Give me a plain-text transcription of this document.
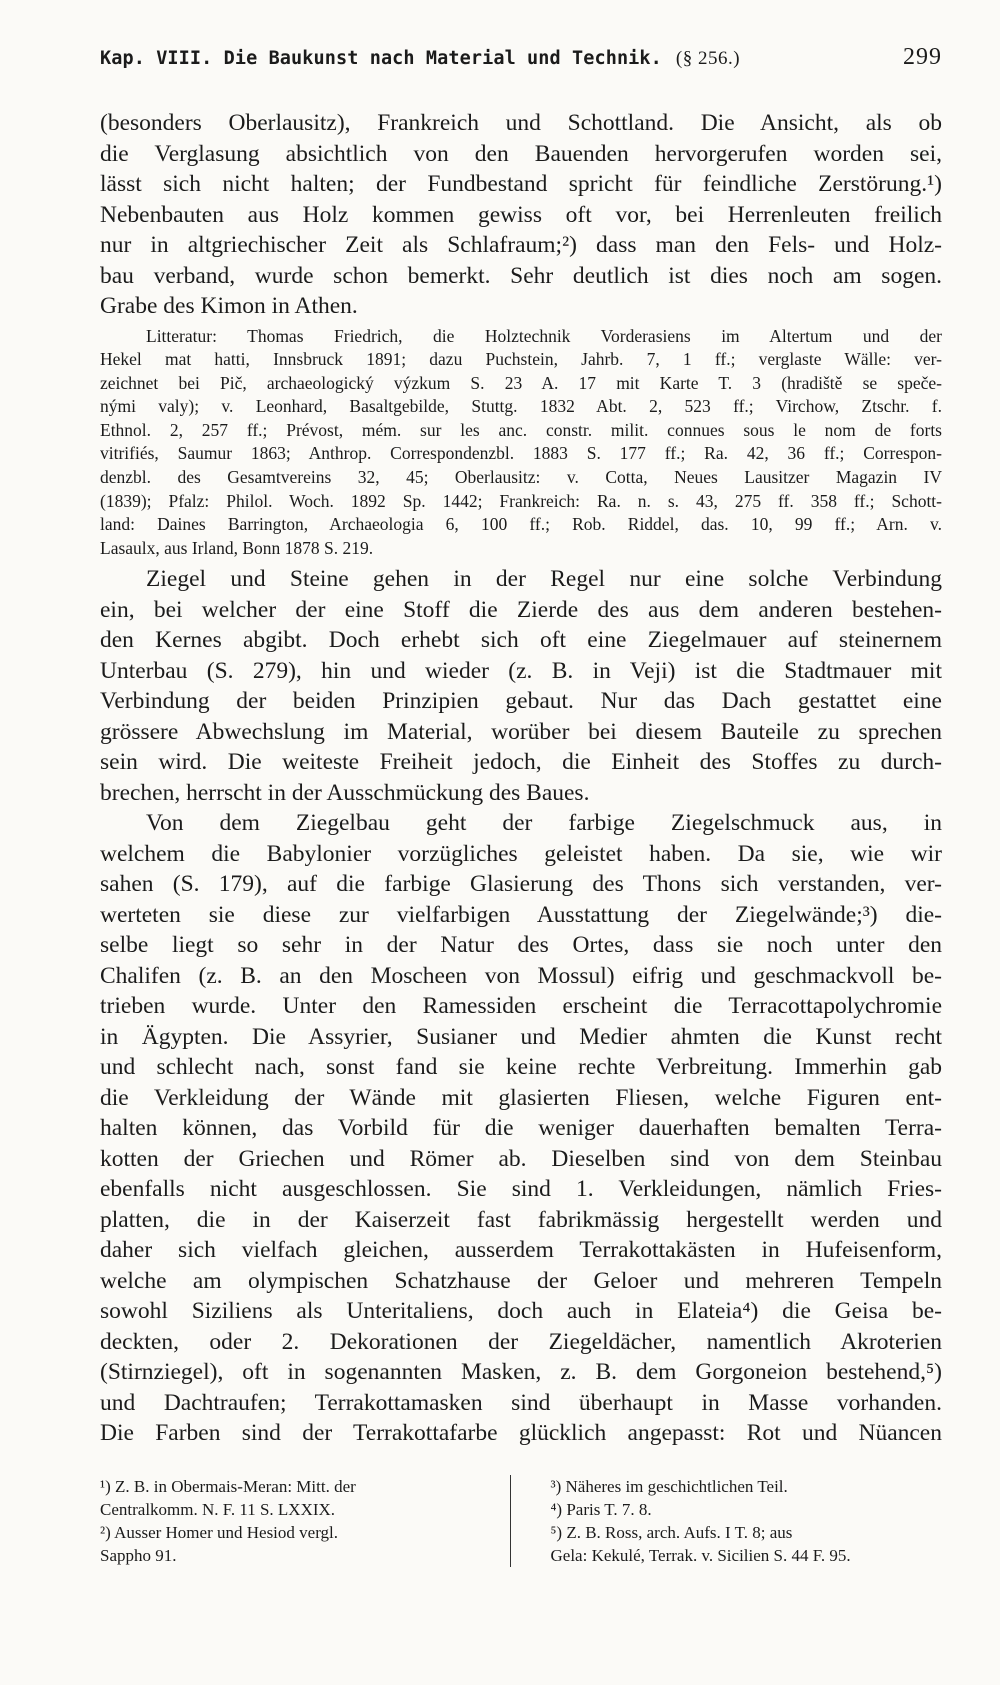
Kap. VIII. Die Baukunst nach Material und Technik. (§ 256.)	299
(besonders Oberlausitz), Frankreich und Schottland. Die Ansicht, als ob
die Verglasung absichtlich von den Bauenden hervorgerufen worden sei,
lässt sich nicht halten; der Fundbestand spricht für feindliche Zerstörung.¹)
Nebenbauten aus Holz kommen gewiss oft vor, bei Herrenleuten freilich
nur in altgriechischer Zeit als Schlafraum;²) dass man den Fels- und Holz-
bau verband, wurde schon bemerkt. Sehr deutlich ist dies noch am sogen.
Grabe des Kimon in Athen.
Litteratur: Thomas Friedrich, die Holztechnik Vorderasiens im Altertum und der
Hekel mat hatti, Innsbruck 1891; dazu Puchstein, Jahrb. 7, 1 ff.; verglaste Wälle: ver-
zeichnet bei Pič, archaeologický výzkum S. 23 A. 17 mit Karte T. 3 (hradiště se speče-
nými valy); v. Leonhard, Basaltgebilde, Stuttg. 1832 Abt. 2, 523 ff.; Virchow, Ztschr. f.
Ethnol. 2, 257 ff.; Prévost, mém. sur les anc. constr. milit. connues sous le nom de forts
vitrifiés, Saumur 1863; Anthrop. Correspondenzbl. 1883 S. 177 ff.; Ra. 42, 36 ff.; Correspon-
denzbl. des Gesamtvereins 32, 45; Oberlausitz: v. Cotta, Neues Lausitzer Magazin IV
(1839); Pfalz: Philol. Woch. 1892 Sp. 1442; Frankreich: Ra. n. s. 43, 275 ff. 358 ff.; Schott-
land: Daines Barrington, Archaeologia 6, 100 ff.; Rob. Riddel, das. 10, 99 ff.; Arn. v.
Lasaulx, aus Irland, Bonn 1878 S. 219.
Ziegel und Steine gehen in der Regel nur eine solche Verbindung
ein, bei welcher der eine Stoff die Zierde des aus dem anderen bestehen-
den Kernes abgibt. Doch erhebt sich oft eine Ziegelmauer auf steinernem
Unterbau (S. 279), hin und wieder (z. B. in Veji) ist die Stadtmauer mit
Verbindung der beiden Prinzipien gebaut. Nur das Dach gestattet eine
grössere Abwechslung im Material, worüber bei diesem Bauteile zu sprechen
sein wird. Die weiteste Freiheit jedoch, die Einheit des Stoffes zu durch-
brechen, herrscht in der Ausschmückung des Baues.
Von dem Ziegelbau geht der farbige Ziegelschmuck aus, in
welchem die Babylonier vorzügliches geleistet haben. Da sie, wie wir
sahen (S. 179), auf die farbige Glasierung des Thons sich verstanden, ver-
werteten sie diese zur vielfarbigen Ausstattung der Ziegelwände;³) die-
selbe liegt so sehr in der Natur des Ortes, dass sie noch unter den
Chalifen (z. B. an den Moscheen von Mossul) eifrig und geschmackvoll be-
trieben wurde. Unter den Ramessiden erscheint die Terracottapolychromie
in Ägypten. Die Assyrier, Susianer und Medier ahmten die Kunst recht
und schlecht nach, sonst fand sie keine rechte Verbreitung. Immerhin gab
die Verkleidung der Wände mit glasierten Fliesen, welche Figuren ent-
halten können, das Vorbild für die weniger dauerhaften bemalten Terra-
kotten der Griechen und Römer ab. Dieselben sind von dem Steinbau
ebenfalls nicht ausgeschlossen. Sie sind 1. Verkleidungen, nämlich Fries-
platten, die in der Kaiserzeit fast fabrikmässig hergestellt werden und
daher sich vielfach gleichen, ausserdem Terrakottakästen in Hufeisenform,
welche am olympischen Schatzhause der Geloer und mehreren Tempeln
sowohl Siziliens als Unteritaliens, doch auch in Elateia⁴) die Geisa be-
deckten, oder 2. Dekorationen der Ziegeldächer, namentlich Akroterien
(Stirnziegel), oft in sogenannten Masken, z. B. dem Gorgoneion bestehend,⁵)
und Dachtraufen; Terrakottamasken sind überhaupt in Masse vorhanden.
Die Farben sind der Terrakottafarbe glücklich angepasst: Rot und Nüancen
¹) Z. B. in Obermais-Meran: Mitt. der
Centralkomm. N. F. 11 S. LXXIX.
²) Ausser Homer und Hesiod vergl.
Sappho 91.
³) Näheres im geschichtlichen Teil.
⁴) Paris T. 7. 8.
⁵) Z. B. Ross, arch. Aufs. I T. 8; aus
Gela: Kekulé, Terrak. v. Sicilien S. 44 F. 95.
